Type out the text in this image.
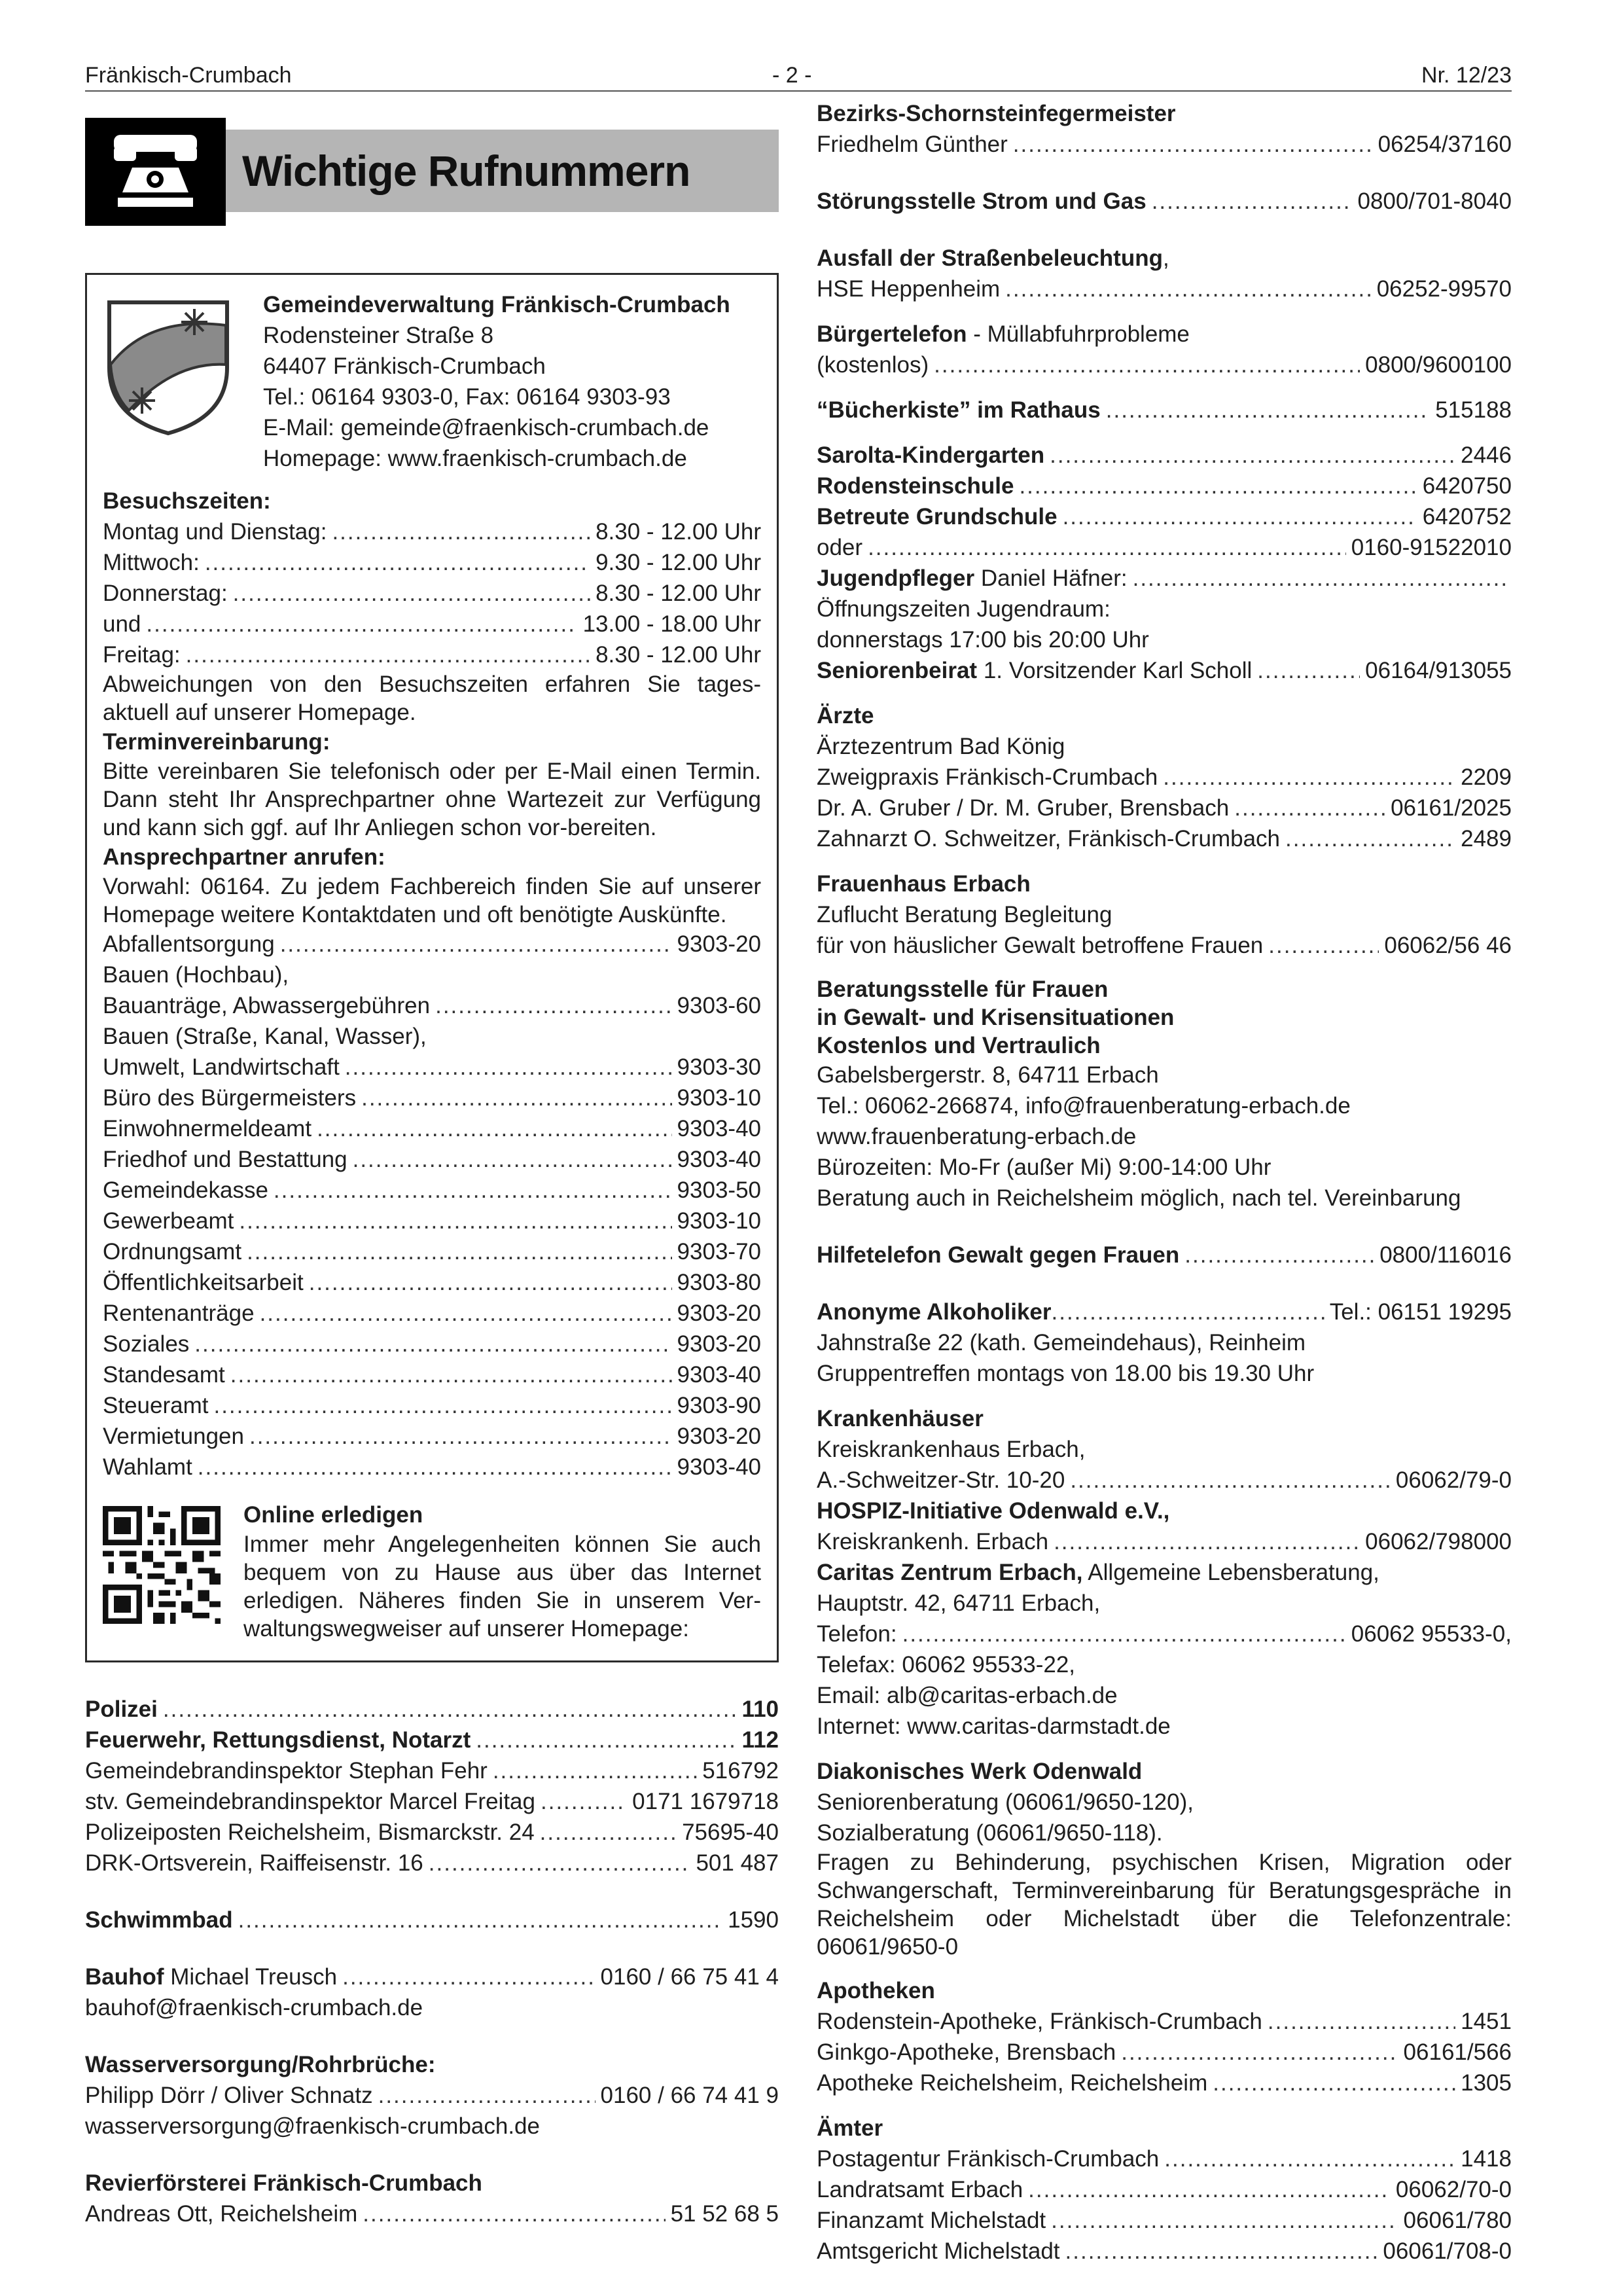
Fränkisch-Crumbach	- 2 -	Nr. 12/23
Wichtige Rufnummern
Gemeindeverwaltung Fränkisch-Crumbach
Rodensteiner Straße 8
64407 Fränkisch-Crumbach
Tel.: 06164 9303-0, Fax: 06164 9303-93
E-Mail: gemeinde@fraenkisch-crumbach.de
Homepage: www.fraenkisch-crumbach.de
Besuchszeiten:
Montag und Dienstag: .....	8.30 - 12.00 Uhr
Mittwoch: .....	9.30 - 12.00 Uhr
Donnerstag: .....	8.30 - 12.00 Uhr
und .....	13.00 - 18.00 Uhr
Freitag: .....	8.30 - 12.00 Uhr
Abweichungen von den Besuchszeiten erfahren Sie tages-aktuell auf unserer Homepage.
Terminvereinbarung:
Bitte vereinbaren Sie telefonisch oder per E-Mail einen Termin. Dann steht Ihr Ansprechpartner ohne Wartezeit zur Verfügung und kann sich ggf. auf Ihr Anliegen schon vor-bereiten.
Ansprechpartner anrufen:
Vorwahl: 06164. Zu jedem Fachbereich finden Sie auf unserer Homepage weitere Kontaktdaten und oft benötigte Auskünfte.
Abfallentsorgung .....	9303-20
Bauen (Hochbau),
Bauanträge, Abwassergebühren .....	9303-60
Bauen (Straße, Kanal, Wasser),
Umwelt, Landwirtschaft .....	9303-30
Büro des Bürgermeisters .....	9303-10
Einwohnermeldeamt .....	9303-40
Friedhof und Bestattung .....	9303-40
Gemeindekasse .....	9303-50
Gewerbeamt .....	9303-10
Ordnungsamt .....	9303-70
Öffentlichkeitsarbeit .....	9303-80
Rentenanträge .....	9303-20
Soziales .....	9303-20
Standesamt .....	9303-40
Steueramt .....	9303-90
Vermietungen .....	9303-20
Wahlamt .....	9303-40
Online erledigen
Immer mehr Angelegenheiten können Sie auch bequem von zu Hause aus über das Internet erledigen. Näheres finden Sie in unserem Ver-waltungswegweiser auf unserer Homepage:
Polizei .....	110
Feuerwehr, Rettungsdienst, Notarzt .....	112
Gemeindebrandinspektor Stephan Fehr .....	516792
stv. Gemeindebrandinspektor Marcel Freitag .....	0171 1679718
Polizeiposten Reichelsheim, Bismarckstr. 24 .....	75695-40
DRK-Ortsverein, Raiffeisenstr. 16 .....	501 487
Schwimmbad .....	1590
Bauhof Michael Treusch .....	0160 / 66 75 41 4
bauhof@fraenkisch-crumbach.de
Wasserversorgung/Rohrbrüche:
Philipp Dörr / Oliver Schnatz .....	0160 / 66 74 41 9
wasserversorgung@fraenkisch-crumbach.de
Revierförsterei Fränkisch-Crumbach
Andreas Ott, Reichelsheim .....	51 52 68 5
Bezirks-Schornsteinfegermeister
Friedhelm Günther .....	06254/37160
Störungsstelle Strom und Gas .....	0800/701-8040
Ausfall der Straßenbeleuchtung,
HSE Heppenheim .....	06252-99570
Bürgertelefon - Müllabfuhrprobleme
(kostenlos) .....	0800/9600100
“Bücherkiste” im Rathaus .....	515188
Sarolta-Kindergarten .....	2446
Rodensteinschule .....	6420750
Betreute Grundschule .....	6420752
oder .....	0160-91522010
Jugendpfleger Daniel Häfner:
.....
Öffnungszeiten Jugendraum:
donnerstags 17:00 bis 20:00 Uhr
Seniorenbeirat 1. Vorsitzender Karl Scholl .....	06164/913055
Ärzte
Ärztezentrum Bad König
Zweigpraxis Fränkisch-Crumbach .....	2209
Dr. A. Gruber / Dr. M. Gruber, Brensbach .....	06161/2025
Zahnarzt O. Schweitzer, Fränkisch-Crumbach .....	2489
Frauenhaus Erbach
Zuflucht Beratung Begleitung
für von häuslicher Gewalt betroffene Frauen .....	06062/56 46
Beratungsstelle für Frauen
in Gewalt- und Krisensituationen
Kostenlos und Vertraulich
Gabelsbergerstr. 8, 64711 Erbach
Tel.: 06062-266874, info@frauenberatung-erbach.de
www.frauenberatung-erbach.de
Bürozeiten: Mo-Fr (außer Mi) 9:00-14:00 Uhr
Beratung auch in Reichelsheim möglich, nach tel. Vereinbarung
Hilfetelefon Gewalt gegen Frauen .....	0800/116016
Anonyme Alkoholiker .....	Tel.: 06151 19295
Jahnstraße 22 (kath. Gemeindehaus), Reinheim
Gruppentreffen montags von 18.00 bis 19.30 Uhr
Krankenhäuser
Kreiskrankenhaus Erbach,
A.-Schweitzer-Str. 10-20 .....	06062/79-0
HOSPIZ-Initiative Odenwald e.V.,
Kreiskrankenh. Erbach .....	06062/798000
Caritas Zentrum Erbach, Allgemeine Lebensberatung,
Hauptstr. 42, 64711 Erbach,
Telefon: .....	06062 95533-0,
Telefax: 06062 95533-22,
Email: alb@caritas-erbach.de
Internet: www.caritas-darmstadt.de
Diakonisches Werk Odenwald
Seniorenberatung (06061/9650-120),
Sozialberatung (06061/9650-118).
Fragen zu Behinderung, psychischen Krisen, Migration oder Schwangerschaft, Terminvereinbarung für Beratungsgespräche in Reichelsheim oder Michelstadt über die Telefonzentrale: 06061/9650-0
Apotheken
Rodenstein-Apotheke, Fränkisch-Crumbach .....	1451
Ginkgo-Apotheke, Brensbach .....	06161/566
Apotheke Reichelsheim, Reichelsheim .....	1305
Ämter
Postagentur Fränkisch-Crumbach .....	1418
Landratsamt Erbach .....	06062/70-0
Finanzamt Michelstadt .....	06061/780
Amtsgericht Michelstadt .....	06061/708-0
